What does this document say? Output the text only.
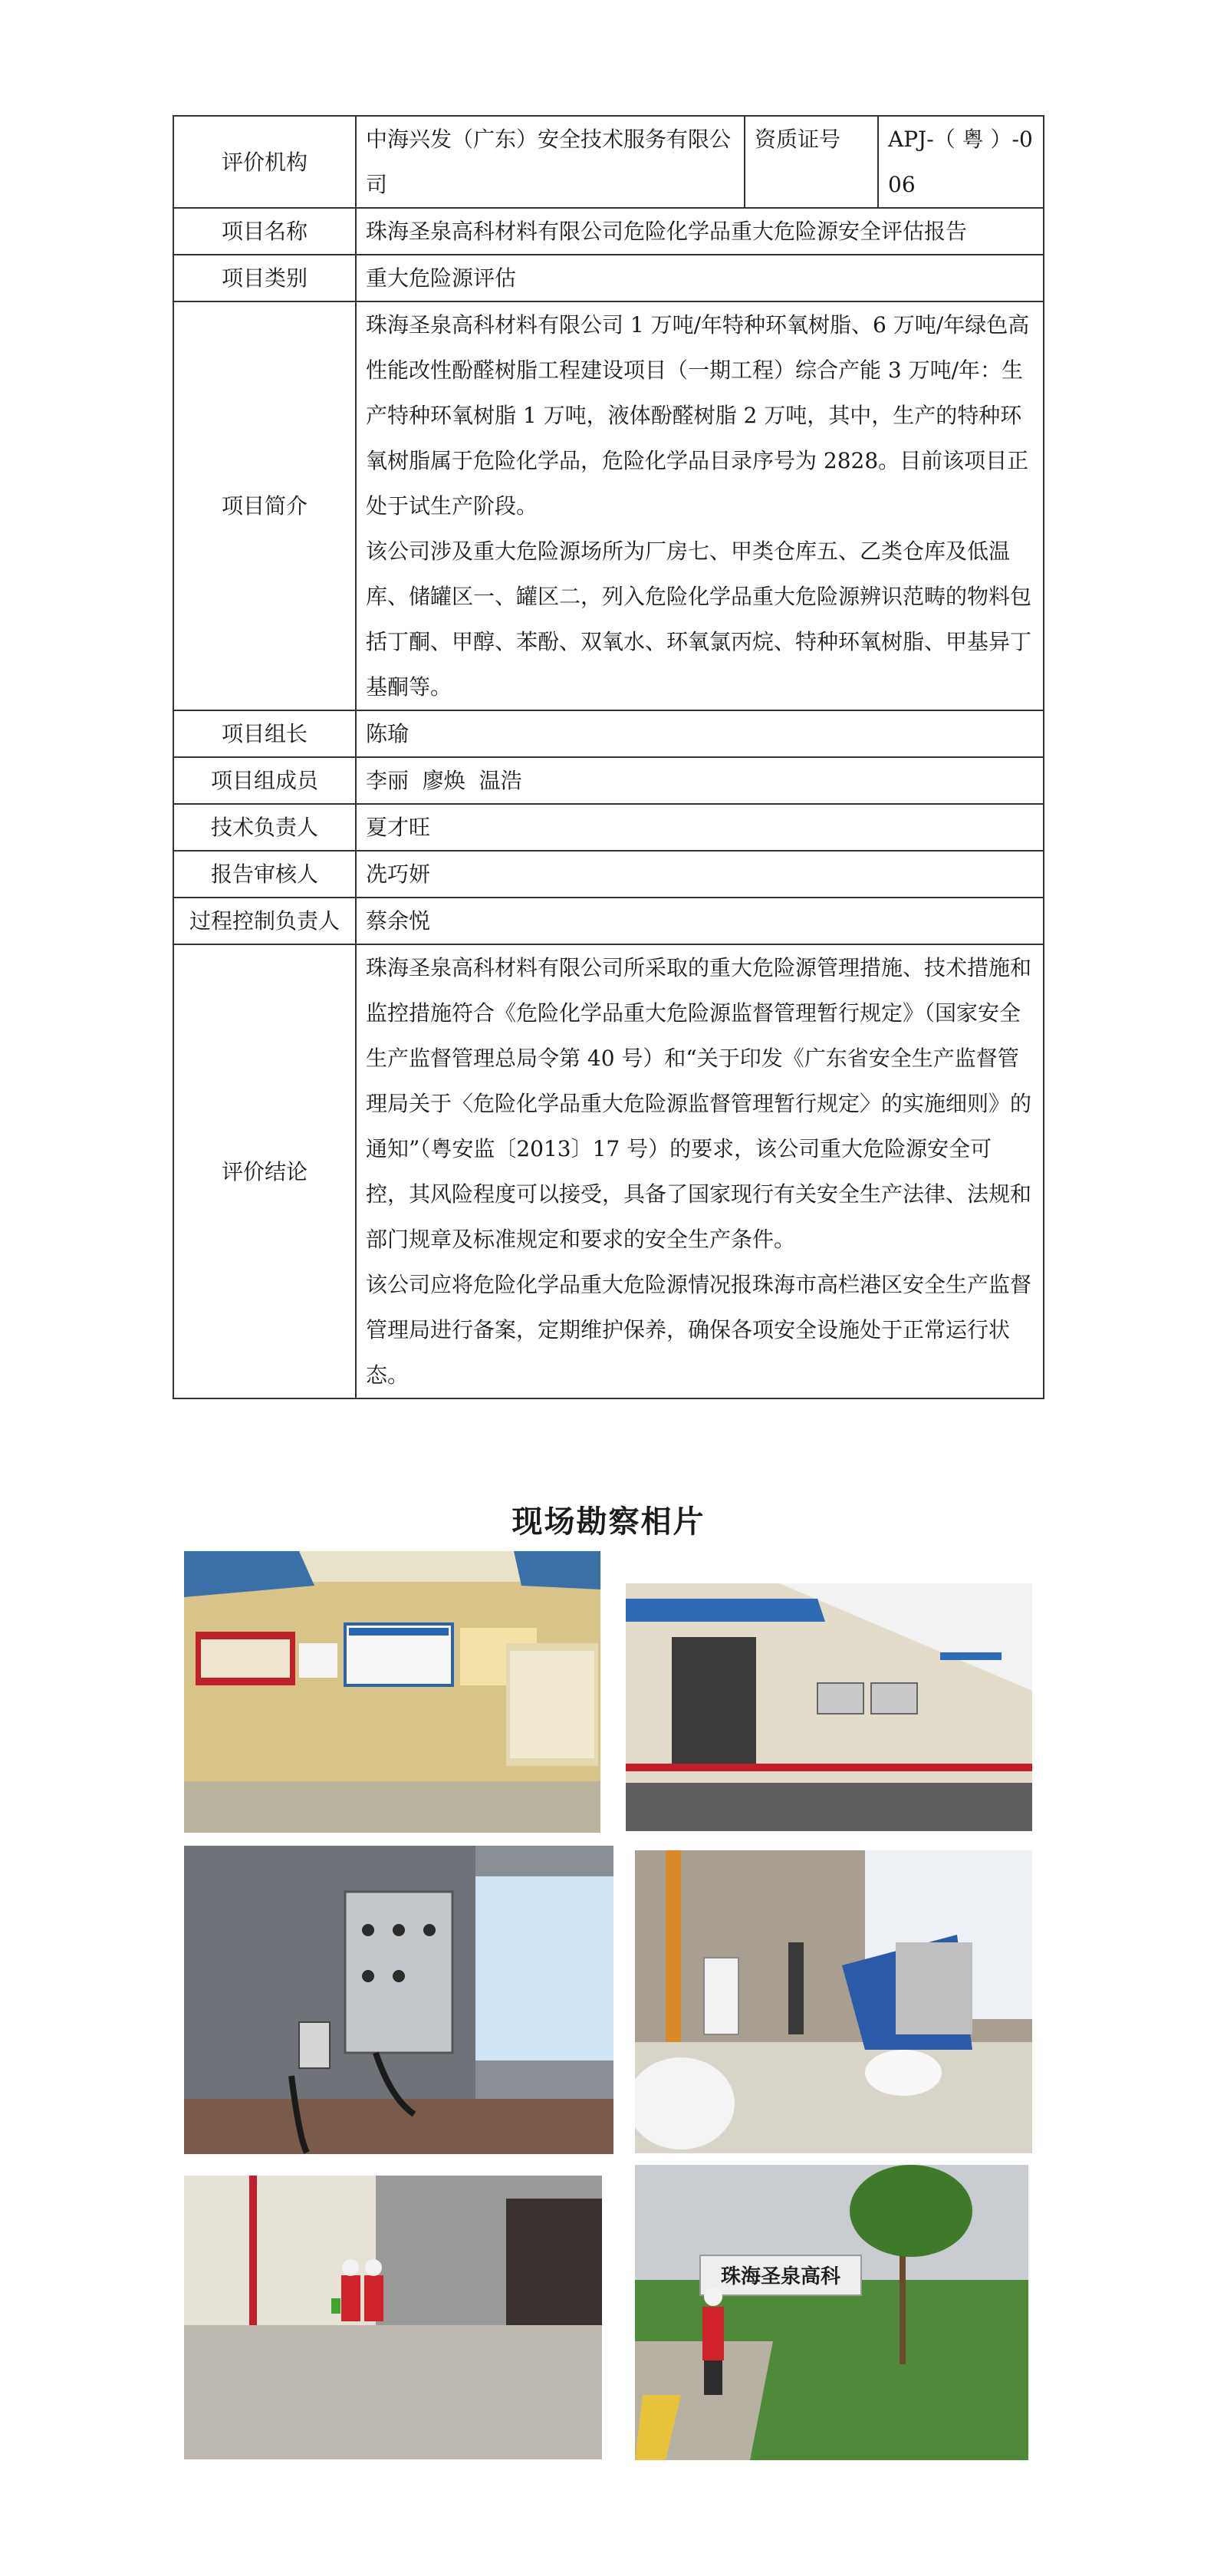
评价机构	中海兴发（广东）安全技术服务有限公司	资质证号	APJ-（ 粤 ）-006
项目名称	珠海圣泉高科材料有限公司危险化学品重大危险源安全评估报告		
项目类别	重大危险源评估		
项目简介	珠海圣泉高科材料有限公司 1 万吨/年特种环氧树脂、6 万吨/年绿色高性能改性酚醛树脂工程建设项目（一期工程）综合产能 3 万吨/年：生产特种环氧树脂 1 万吨，液体酚醛树脂 2 万吨，其中，生产的特种环氧树脂属于危险化学品，危险化学品目录序号为 2828。目前该项目正处于试生产阶段。

该公司涉及重大危险源场所为厂房七、甲类仓库五、乙类仓库及低温库、储罐区一、罐区二，列入危险化学品重大危险源辨识范畴的物料包括丁酮、甲醇、苯酚、双氧水、环氧氯丙烷、特种环氧树脂、甲基异丁基酮等。		

项目组长	陈瑜		
项目组成员	李丽  廖焕  温浩		
技术负责人	夏才旺		
报告审核人	冼巧妍		
过程控制负责人	蔡余悦		
评价结论	珠海圣泉高科材料有限公司所采取的重大危险源管理措施、技术措施和监控措施符合《危险化学品重大危险源监督管理暂行规定》（国家安全生产监督管理总局令第 40 号）和“关于印发《广东省安全生产监督管理局关于〈危险化学品重大危险源监督管理暂行规定〉的实施细则》的通知”（粤安监〔2013〕17 号）的要求，该公司重大危险源安全可控，其风险程度可以接受，具备了国家现行有关安全生产法律、法规和部门规章及标准规定和要求的安全生产条件。

该公司应将危险化学品重大危险源情况报珠海市高栏港区安全生产监督管理局进行备案，定期维护保养，确保各项安全设施处于正常运行状态。		

现场勘察相片
珠海圣泉高科
